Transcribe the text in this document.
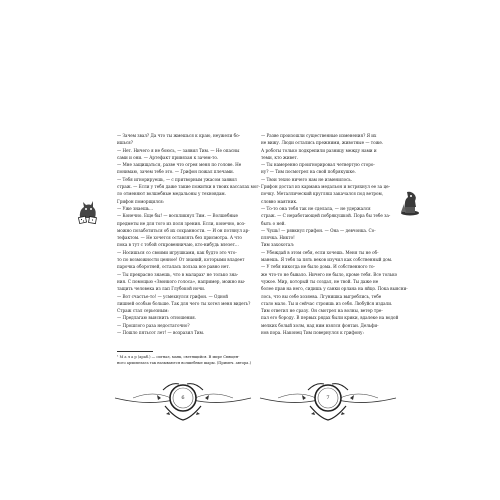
— Зачем звал? Да что ты жмешься к краю, неужели бо-
ишься?
— Нет. Ничего я не боюсь, — заявил Тим. — Не опасны
сами и они. — Артефакт привязан к зачем-то.
— Мне защищаться, разве что огрея меня по голове. Не
понимаю, зачем тебе это. — Грифон пожал плечами.
— Тебя игнорируешь, — с притворным ужасом заявил
страж. — Если у тебя даже такие пожитки в твоих вассалах мог-
ло отменяют волшебные медальоны у техновдам.
Грифон поморщился:
— Уже знаешь...
— Конечно. Еще бы! — воскликнул Тим. — Волшебные
предметы не для того из поля зрения. Если, конечно, воз-
можно позаботиться об их сохранности. — И он потянул ар-
тефактом. — Не хочется оставлять без присмотра. А что
пока в тут с тобой откровенничаю, кто-нибудь влезет...
— Носишься со своими игрушками, как будто это что-
то по возможности ценное! От знаний, которыми владеет
парочка оборотней, осталась польза все равно нет.
— Ты прекрасно знаешь, что в маларах¹ не только зна-
ния. С помощью «Звонкого голоса», например, можно вы-
тащить человека из лап Глубокой ночи.
— Вот счастье-то! — усмехнулся грифон. — Одной
лишней особью больше. Так для чего ты хотел меня видеть?
Страж стал серьезным:
— Предлагаю выяснить отношения.
— Прошлого раза недостаточно?
— Пошло пятьсот лет! — возразил Тим.
¹ М а л а р (араб.) — сигнал, маяк, светящийся. В мире Священ-
ного архипелага так называются волшебные шары. (Примеч. автора.)
— Разве произошли существенные изменения? Я их
не вижу. Люди остались прежними, животные — тоже.
А роботы только подкрепили разницу между нами и
теми, кто живет.
— Ты намеренно проигнорировал четвертую сторо-
ну? — Тим посмотрел на свой побрякушке.
— Твои техно ничего нам не изменилось.
Грифон достал из кармана медальон и встряхнул ее за це-
почку. Металлический кругляш закачался под ветром,
словно маятник.
— То-то она тебя так не сделала, — не удержался
страж. — С неработающей побрякушкой. Пора бы тебе за-
быть о ней.
— Чушь! — рявкнул грифон. — Она — девчонка. Со-
плячка. Никто!
Тим захохотал:
— Убеждай в этом себя, если хочешь. Меня ты не об-
манешь. Я тебя за пять веков изучил как собственный дом.
— У тебя никогда не было дома. И собственного то-
же что-то не бывало. Ничего не было, кроме тебя. Все только
чужое. Мир, который ты создал, не твой. Ты даже не
более прав на него, сидишь у санки орлана на яйцо. Пока выясни-
лось, что вы себе хозяева. Лгунишка выгреблись, тебе
стало мало. Ты и сейчас строишь из себя. Любуйся издали.
Тим ответил не сразу. Он смотрел на волны, ветер тре-
пал его бороду. В первых рядах были крики, вдалеке на водой
мелких болый холм, над ним взялся фонтан. Дельфи-
нов пора. Наконец Тим повернулся к грифону:
6	7
